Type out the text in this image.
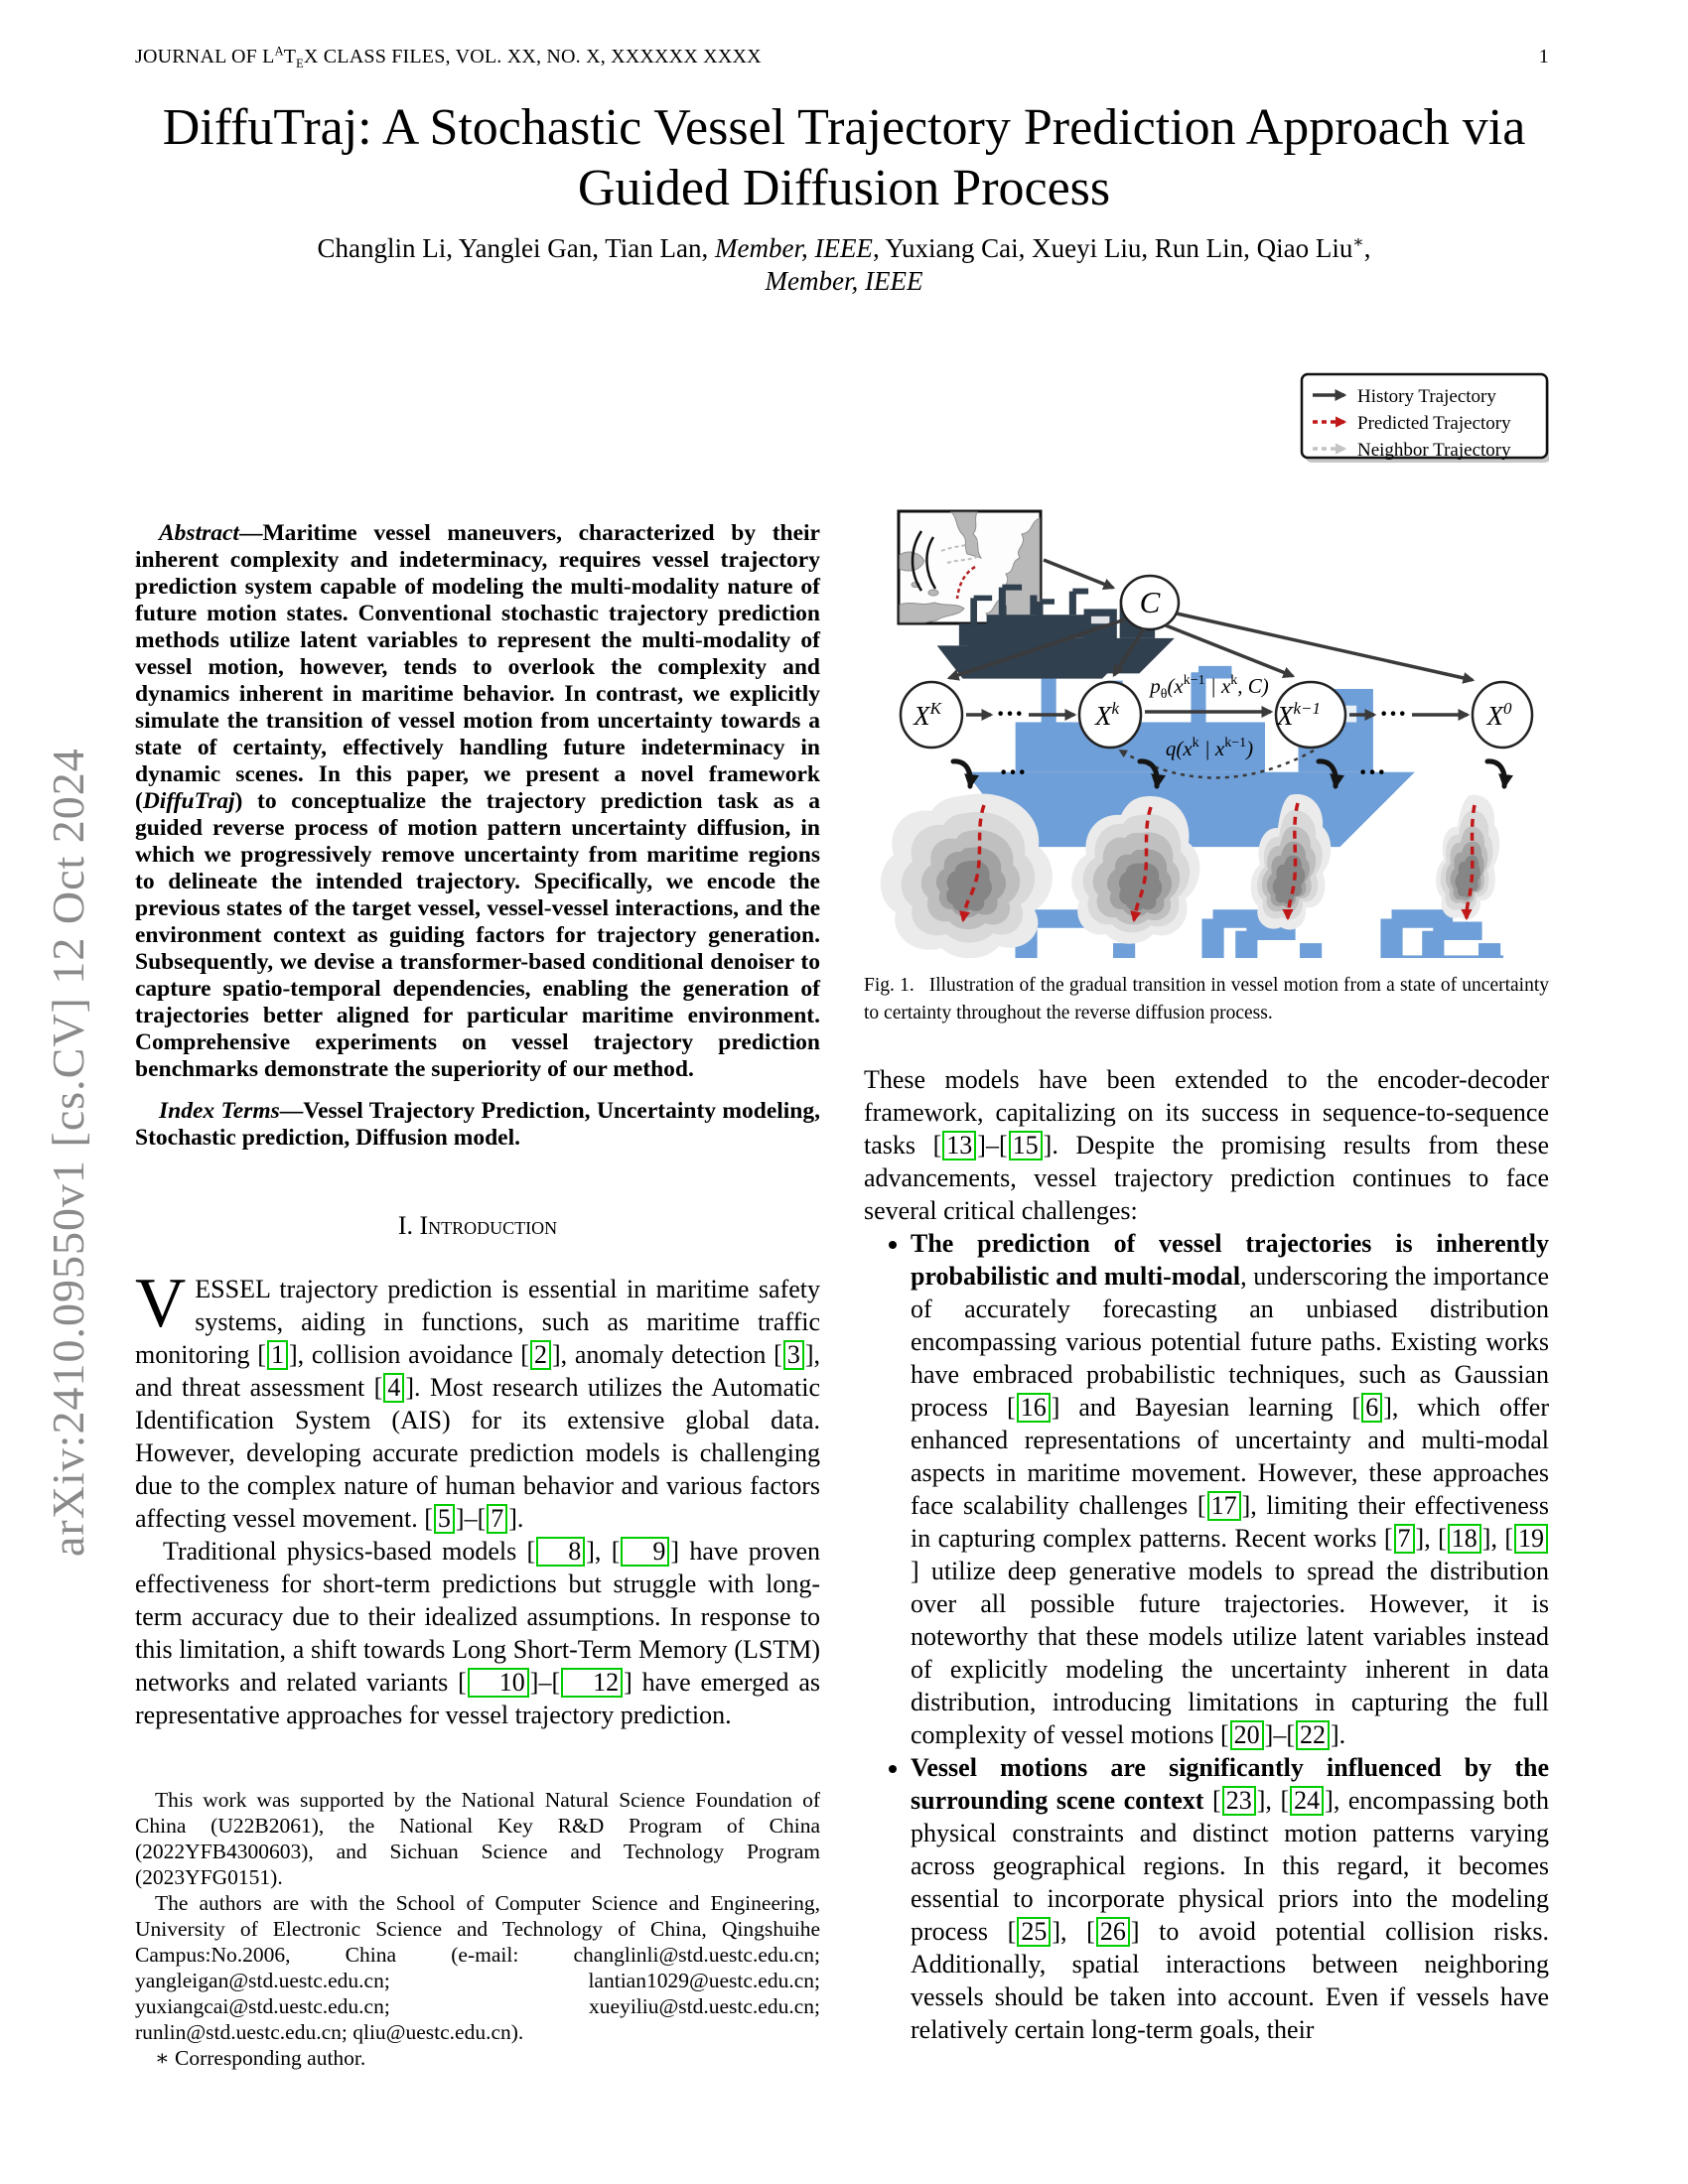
JOURNAL OF $L^AT_EX$ CLASS FILES, VOL. XX, NO. X, XXXXXX XXXX	1
DiffuTraj: A Stochastic Vessel Trajectory Prediction Approach via Guided Diffusion Process
Changlin Li, Yanglei Gan, Tian Lan, Member, IEEE, Yuxiang Cai, Xueyi Liu, Run Lin, Qiao Liu∗,
Member, IEEE
arXiv:2410.09550v1 [cs.CV] 12 Oct 2024

Abstract—Maritime vessel maneuvers, characterized by their inherent complexity and indeterminacy, requires vessel trajectory prediction system capable of modeling the multi-modality nature of future motion states. Conventional stochastic trajectory prediction methods utilize latent variables to represent the multi-modality of vessel motion, however, tends to overlook the complexity and dynamics inherent in maritime behavior. In contrast, we explicitly simulate the transition of vessel motion from uncertainty towards a state of certainty, effectively handling future indeterminacy in dynamic scenes. In this paper, we present a novel framework (DiffuTraj) to conceptualize the trajectory prediction task as a guided reverse process of motion pattern uncertainty diffusion, in which we progressively remove uncertainty from maritime regions to delineate the intended trajectory. Specifically, we encode the previous states of the target vessel, vessel-vessel interactions, and the environment context as guiding factors for trajectory generation. Subsequently, we devise a transformer-based conditional denoiser to capture spatio-temporal dependencies, enabling the generation of trajectories better aligned for particular maritime environment. Comprehensive experiments on vessel trajectory prediction benchmarks demonstrate the superiority of our method.

Index Terms—Vessel Trajectory Prediction, Uncertainty modeling, Stochastic prediction, Diffusion model.

I. Introduction

VESSEL trajectory prediction is essential in maritime safety systems, aiding in functions, such as maritime traffic monitoring [ 1 ], collision avoidance [ 2 ], anomaly detection [ 3 ], and threat assessment [ 4 ]. Most research utilizes the Automatic Identification System (AIS) for its extensive global data. However, developing accurate prediction models is challenging due to the complex nature of human behavior and various factors affecting vessel movement. [ 5 ]–[ 7 ].

Traditional physics-based models [ 8 ], [ 9 ] have proven effectiveness for short-term predictions but struggle with long-term accuracy due to their idealized assumptions. In response to this limitation, a shift towards Long Short-Term Memory (LSTM) networks and related variants [ 10 ]–[ 12 ] have emerged as representative approaches for vessel trajectory prediction.

This work was supported by the National Natural Science Foundation of China (U22B2061), the National Key R&D Program of China (2022YFB4300603), and Sichuan Science and Technology Program (2023YFG0151).

The authors are with the School of Computer Science and Engineering, University of Electronic Science and Technology of China, Qingshuihe Campus:No.2006, China (e-mail: changlinli@std.uestc.edu.cn; yangleigan@std.uestc.edu.cn; lantian1029@uestc.edu.cn; yuxiangcai@std.uestc.edu.cn; xueyiliu@std.uestc.edu.cn; runlin@std.uestc.edu.cn; qliu@uestc.edu.cn).

∗ Corresponding author.

History Trajectory
Predicted Trajectory
Neighbor Trajectory
C
$X^K$	$X^k$	$X^{k-1}$	$X^0$
···	···
$p_\theta(x^{k-1}$ | $x^k$, C)
$q(x^k$ | $x^{k-1}$)
···	···
Fig. 1. Illustration of the gradual transition in vessel motion from a state of uncertainty to certainty throughout the reverse diffusion process.

These models have been extended to the encoder-decoder framework, capitalizing on its success in sequence-to-sequence tasks [ 13 ]–[ 15 ]. Despite the promising results from these advancements, vessel trajectory prediction continues to face several critical challenges:

• The prediction of vessel trajectories is inherently probabilistic and multi-modal, underscoring the importance of accurately forecasting an unbiased distribution encompassing various potential future paths. Existing works have embraced probabilistic techniques, such as Gaussian process [ 16 ] and Bayesian learning [ 6 ], which offer enhanced representations of uncertainty and multi-modal aspects in maritime movement. However, these approaches face scalability challenges [ 17 ], limiting their effectiveness in capturing complex patterns. Recent works [ 7 ], [ 18 ], [ 19] utilize deep generative models to spread the distribution over all possible future trajectories. However, it is noteworthy that these models utilize latent variables instead of explicitly modeling the uncertainty inherent in data distribution, introducing limitations in capturing the full complexity of vessel motions [ 20 ]–[ 22 ].
• Vessel motions are significantly influenced by the surrounding scene context [ 23 ], [ 24 ], encompassing both physical constraints and distinct motion patterns varying across geographical regions. In this regard, it becomes essential to incorporate physical priors into the modeling process [ 25 ], [ 26 ] to avoid potential collision risks. Additionally, spatial interactions between neighboring vessels should be taken into account. Even if vessels have relatively certain long-term goals, their
